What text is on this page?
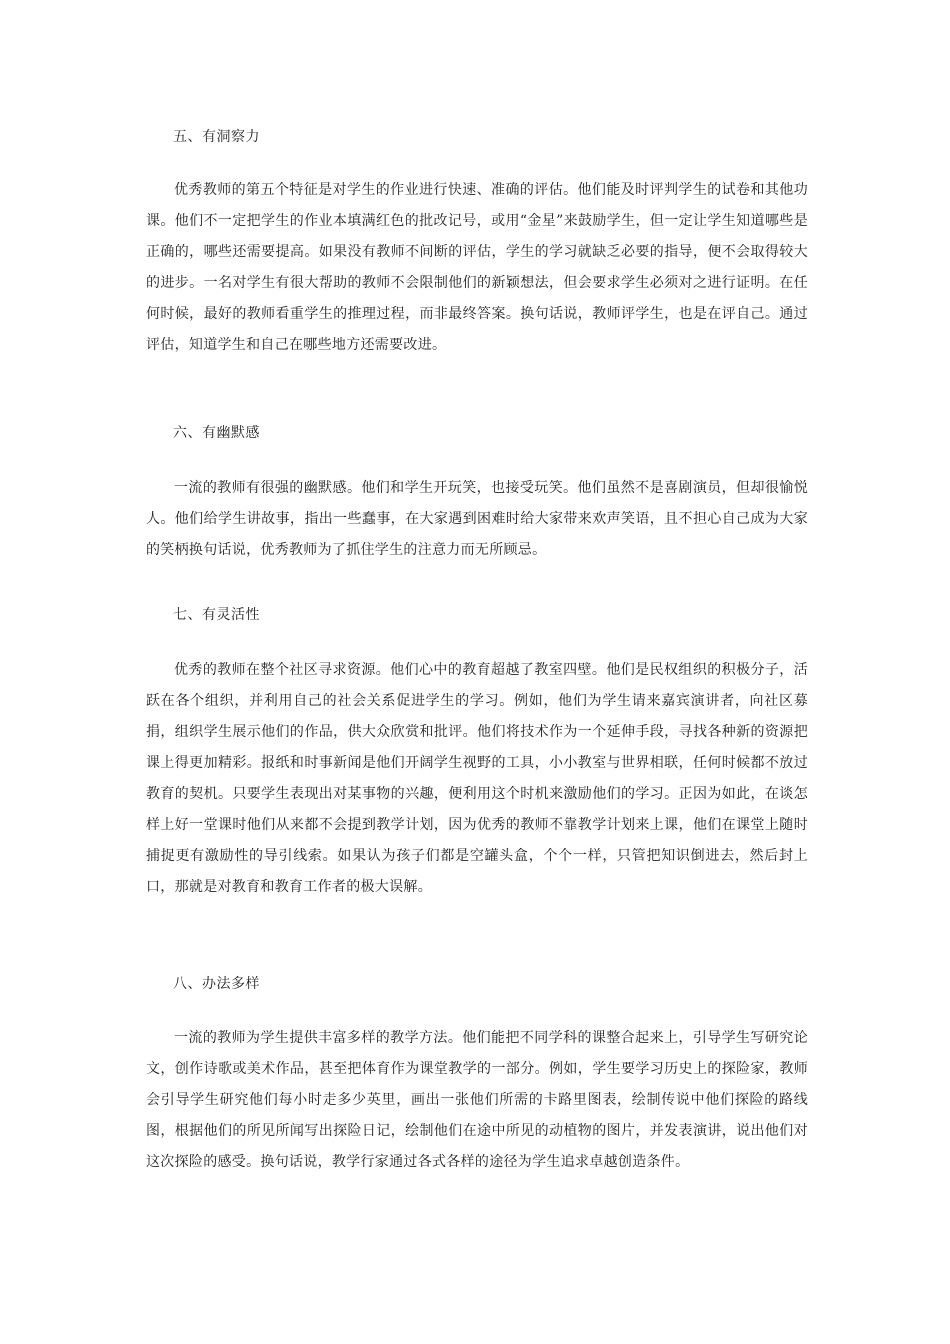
五、有洞察力

优秀教师的第五个特征是对学生的作业进行快速、准确的评估。他们能及时评判学生的试卷和其他功课。他们不一定把学生的作业本填满红色的批改记号，或用“金星”来鼓励学生，但一定让学生知道哪些是正确的，哪些还需要提高。如果没有教师不间断的评估，学生的学习就缺乏必要的指导，便不会取得较大的进步。一名对学生有很大帮助的教师不会限制他们的新颖想法，但会要求学生必须对之进行证明。在任何时候，最好的教师看重学生的推理过程，而非最终答案。换句话说，教师评学生，也是在评自己。通过评估，知道学生和自己在哪些地方还需要改进。

六、有幽默感

一流的教师有很强的幽默感。他们和学生开玩笑，也接受玩笑。他们虽然不是喜剧演员，但却很愉悦人。他们给学生讲故事，指出一些蠢事，在大家遇到困难时给大家带来欢声笑语，且不担心自己成为大家的笑柄换句话说，优秀教师为了抓住学生的注意力而无所顾忌。

七、有灵活性

优秀的教师在整个社区寻求资源。他们心中的教育超越了教室四壁。他们是民权组织的积极分子，活跃在各个组织，并利用自己的社会关系促进学生的学习。例如，他们为学生请来嘉宾演讲者，向社区募捐，组织学生展示他们的作品，供大众欣赏和批评。他们将技术作为一个延伸手段，寻找各种新的资源把课上得更加精彩。报纸和时事新闻是他们开阔学生视野的工具，小小教室与世界相联，任何时候都不放过教育的契机。只要学生表现出对某事物的兴趣，便利用这个时机来激励他们的学习。正因为如此，在谈怎样上好一堂课时他们从来都不会提到教学计划，因为优秀的教师不靠教学计划来上课，他们在课堂上随时捕捉更有激励性的导引线索。如果认为孩子们都是空罐头盒，个个一样，只管把知识倒进去，然后封上口，那就是对教育和教育工作者的极大误解。

八、办法多样

一流的教师为学生提供丰富多样的教学方法。他们能把不同学科的课整合起来上，引导学生写研究论文，创作诗歌或美术作品，甚至把体育作为课堂教学的一部分。例如，学生要学习历史上的探险家，教师会引导学生研究他们每小时走多少英里，画出一张他们所需的卡路里图表，绘制传说中他们探险的路线图，根据他们的所见所闻写出探险日记，绘制他们在途中所见的动植物的图片，并发表演讲，说出他们对这次探险的感受。换句话说，教学行家通过各式各样的途径为学生追求卓越创造条件。
